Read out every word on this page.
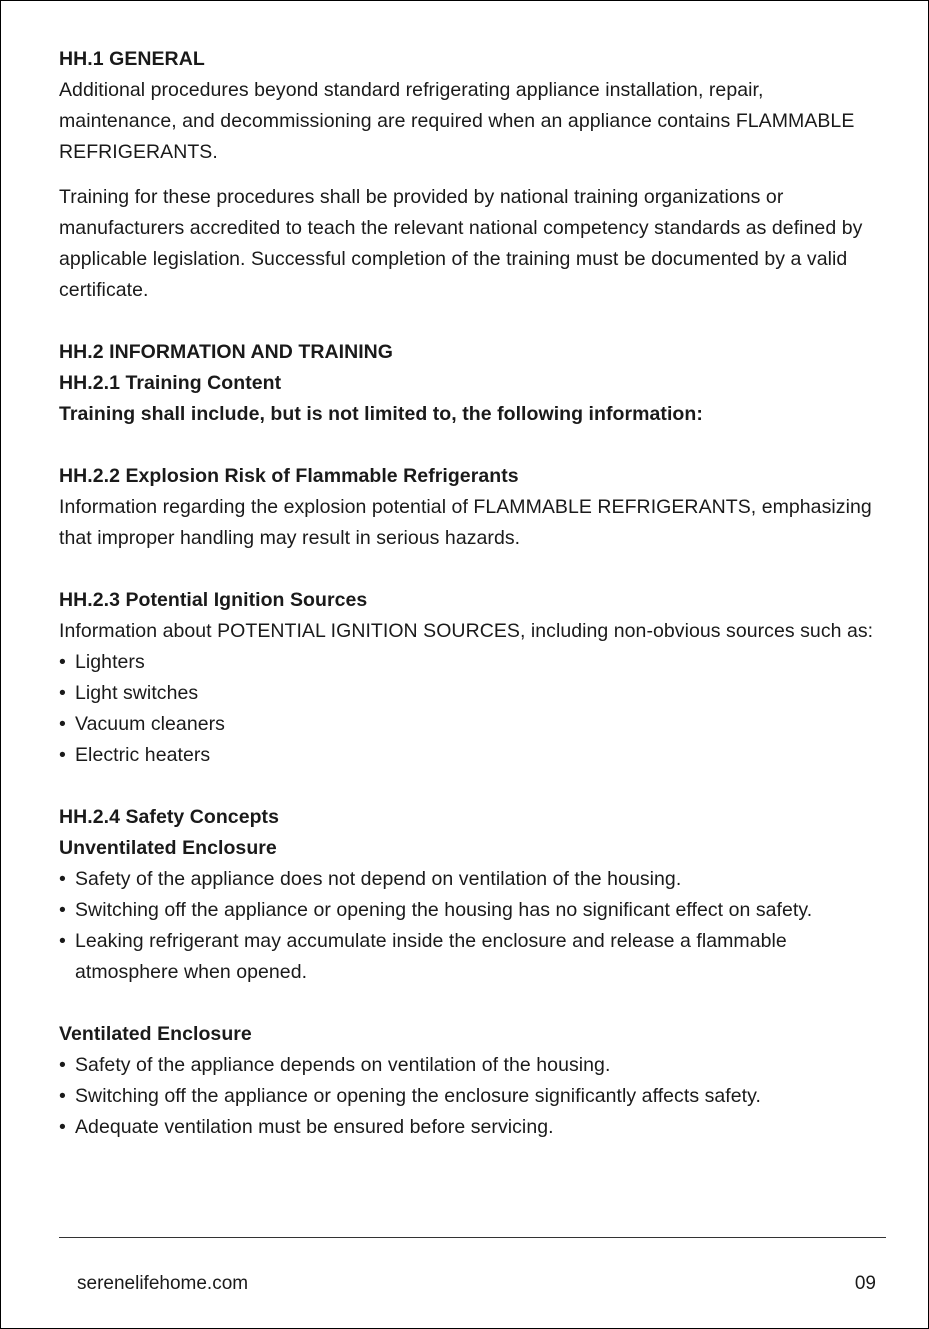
HH.1 GENERAL

Additional procedures beyond standard refrigerating appliance installation, repair, maintenance, and decommissioning are required when an appliance contains FLAMMABLE REFRIGERANTS.

Training for these procedures shall be provided by national training organizations or manufacturers accredited to teach the relevant national competency standards as defined by applicable legislation. Successful completion of the training must be documented by a valid certificate.

HH.2 INFORMATION AND TRAINING
HH.2.1 Training Content
Training shall include, but is not limited to, the following information:
HH.2.2 Explosion Risk of Flammable Refrigerants

Information regarding the explosion potential of FLAMMABLE REFRIGERANTS, emphasizing that improper handling may result in serious hazards.

HH.2.3 Potential Ignition Sources

Information about POTENTIAL IGNITION SOURCES, including non-obvious sources such as:

• Lighters
• Light switches
• Vacuum cleaners
• Electric heaters
HH.2.4 Safety Concepts
Unventilated Enclosure
• Safety of the appliance does not depend on ventilation of the housing.
• Switching off the appliance or opening the housing has no significant effect on safety.
• Leaking refrigerant may accumulate inside the enclosure and release a flammable atmosphere when opened.
Ventilated Enclosure
• Safety of the appliance depends on ventilation of the housing.
• Switching off the appliance or opening the enclosure significantly affects safety.
• Adequate ventilation must be ensured before servicing.
serenelifehome.com	09
